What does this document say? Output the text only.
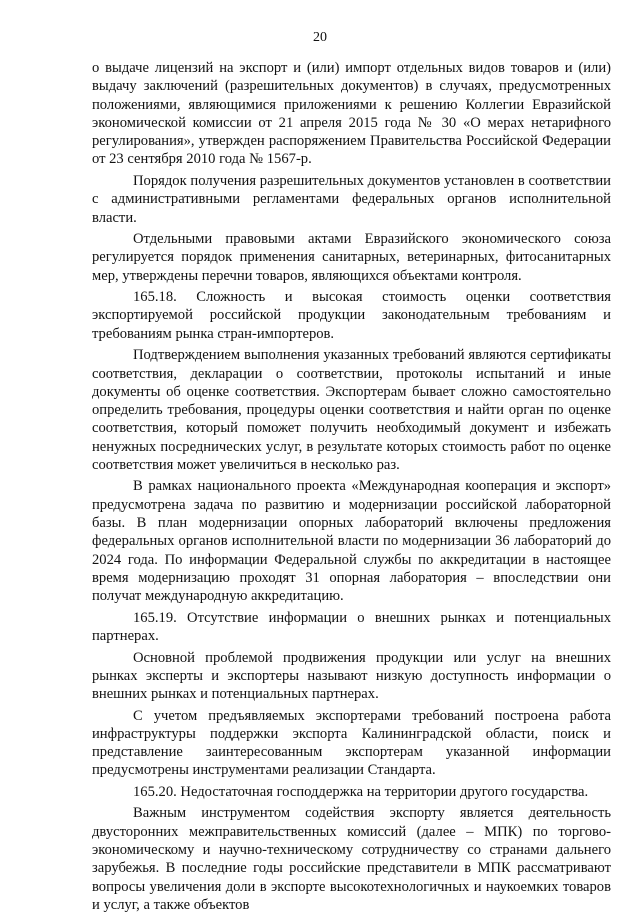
20

о выдаче лицензий на экспорт и (или) импорт отдельных видов товаров и (или) выдачу заключений (разрешительных документов) в случаях, предусмотренных положениями, являющимися приложениями к решению Коллегии Евразийской экономической комиссии от 21 апреля 2015 года № 30 «О мерах нетарифного регулирования», утвержден распоряжением Правительства Российской Федерации от 23 сентября 2010 года № 1567-р.

Порядок получения разрешительных документов установлен в соответствии с административными регламентами федеральных органов исполнительной власти.

Отдельными правовыми актами Евразийского экономического союза регулируется порядок применения санитарных, ветеринарных, фитосанитарных мер, утверждены перечни товаров, являющихся объектами контроля.

165.18. Сложность и высокая стоимость оценки соответствия экспортируемой российской продукции законодательным требованиям и требованиям рынка стран-импортеров.

Подтверждением выполнения указанных требований являются сертификаты соответствия, декларации о соответствии, протоколы испытаний и иные документы об оценке соответствия. Экспортерам бывает сложно самостоятельно определить требования, процедуры оценки соответствия и найти орган по оценке соответствия, который поможет получить необходимый документ и избежать ненужных посреднических услуг, в результате которых стоимость работ по оценке соответствия может увеличиться в несколько раз.

В рамках национального проекта «Международная кооперация и экспорт» предусмотрена задача по развитию и модернизации российской лабораторной базы. В план модернизации опорных лабораторий включены предложения федеральных органов исполнительной власти по модернизации 36 лабораторий до 2024 года. По информации Федеральной службы по аккредитации в настоящее время модернизацию проходят 31 опорная лаборатория – впоследствии они получат международную аккредитацию.

165.19. Отсутствие информации о внешних рынках и потенциальных партнерах.

Основной проблемой продвижения продукции или услуг на внешних рынках эксперты и экспортеры называют низкую доступность информации о внешних рынках и потенциальных партнерах.

С учетом предъявляемых экспортерами требований построена работа инфраструктуры поддержки экспорта Калининградской области, поиск и представление заинтересованным экспортерам указанной информации предусмотрены инструментами реализации Стандарта.

165.20. Недостаточная господдержка на территории другого государства.

Важным инструментом содействия экспорту является деятельность двусторонних межправительственных комиссий (далее – МПК) по торгово-экономическому и научно-техническому сотрудничеству со странами дальнего зарубежья. В последние годы российские представители в МПК рассматривают вопросы увеличения доли в экспорте высокотехнологичных и наукоемких товаров и услуг, а также объектов
